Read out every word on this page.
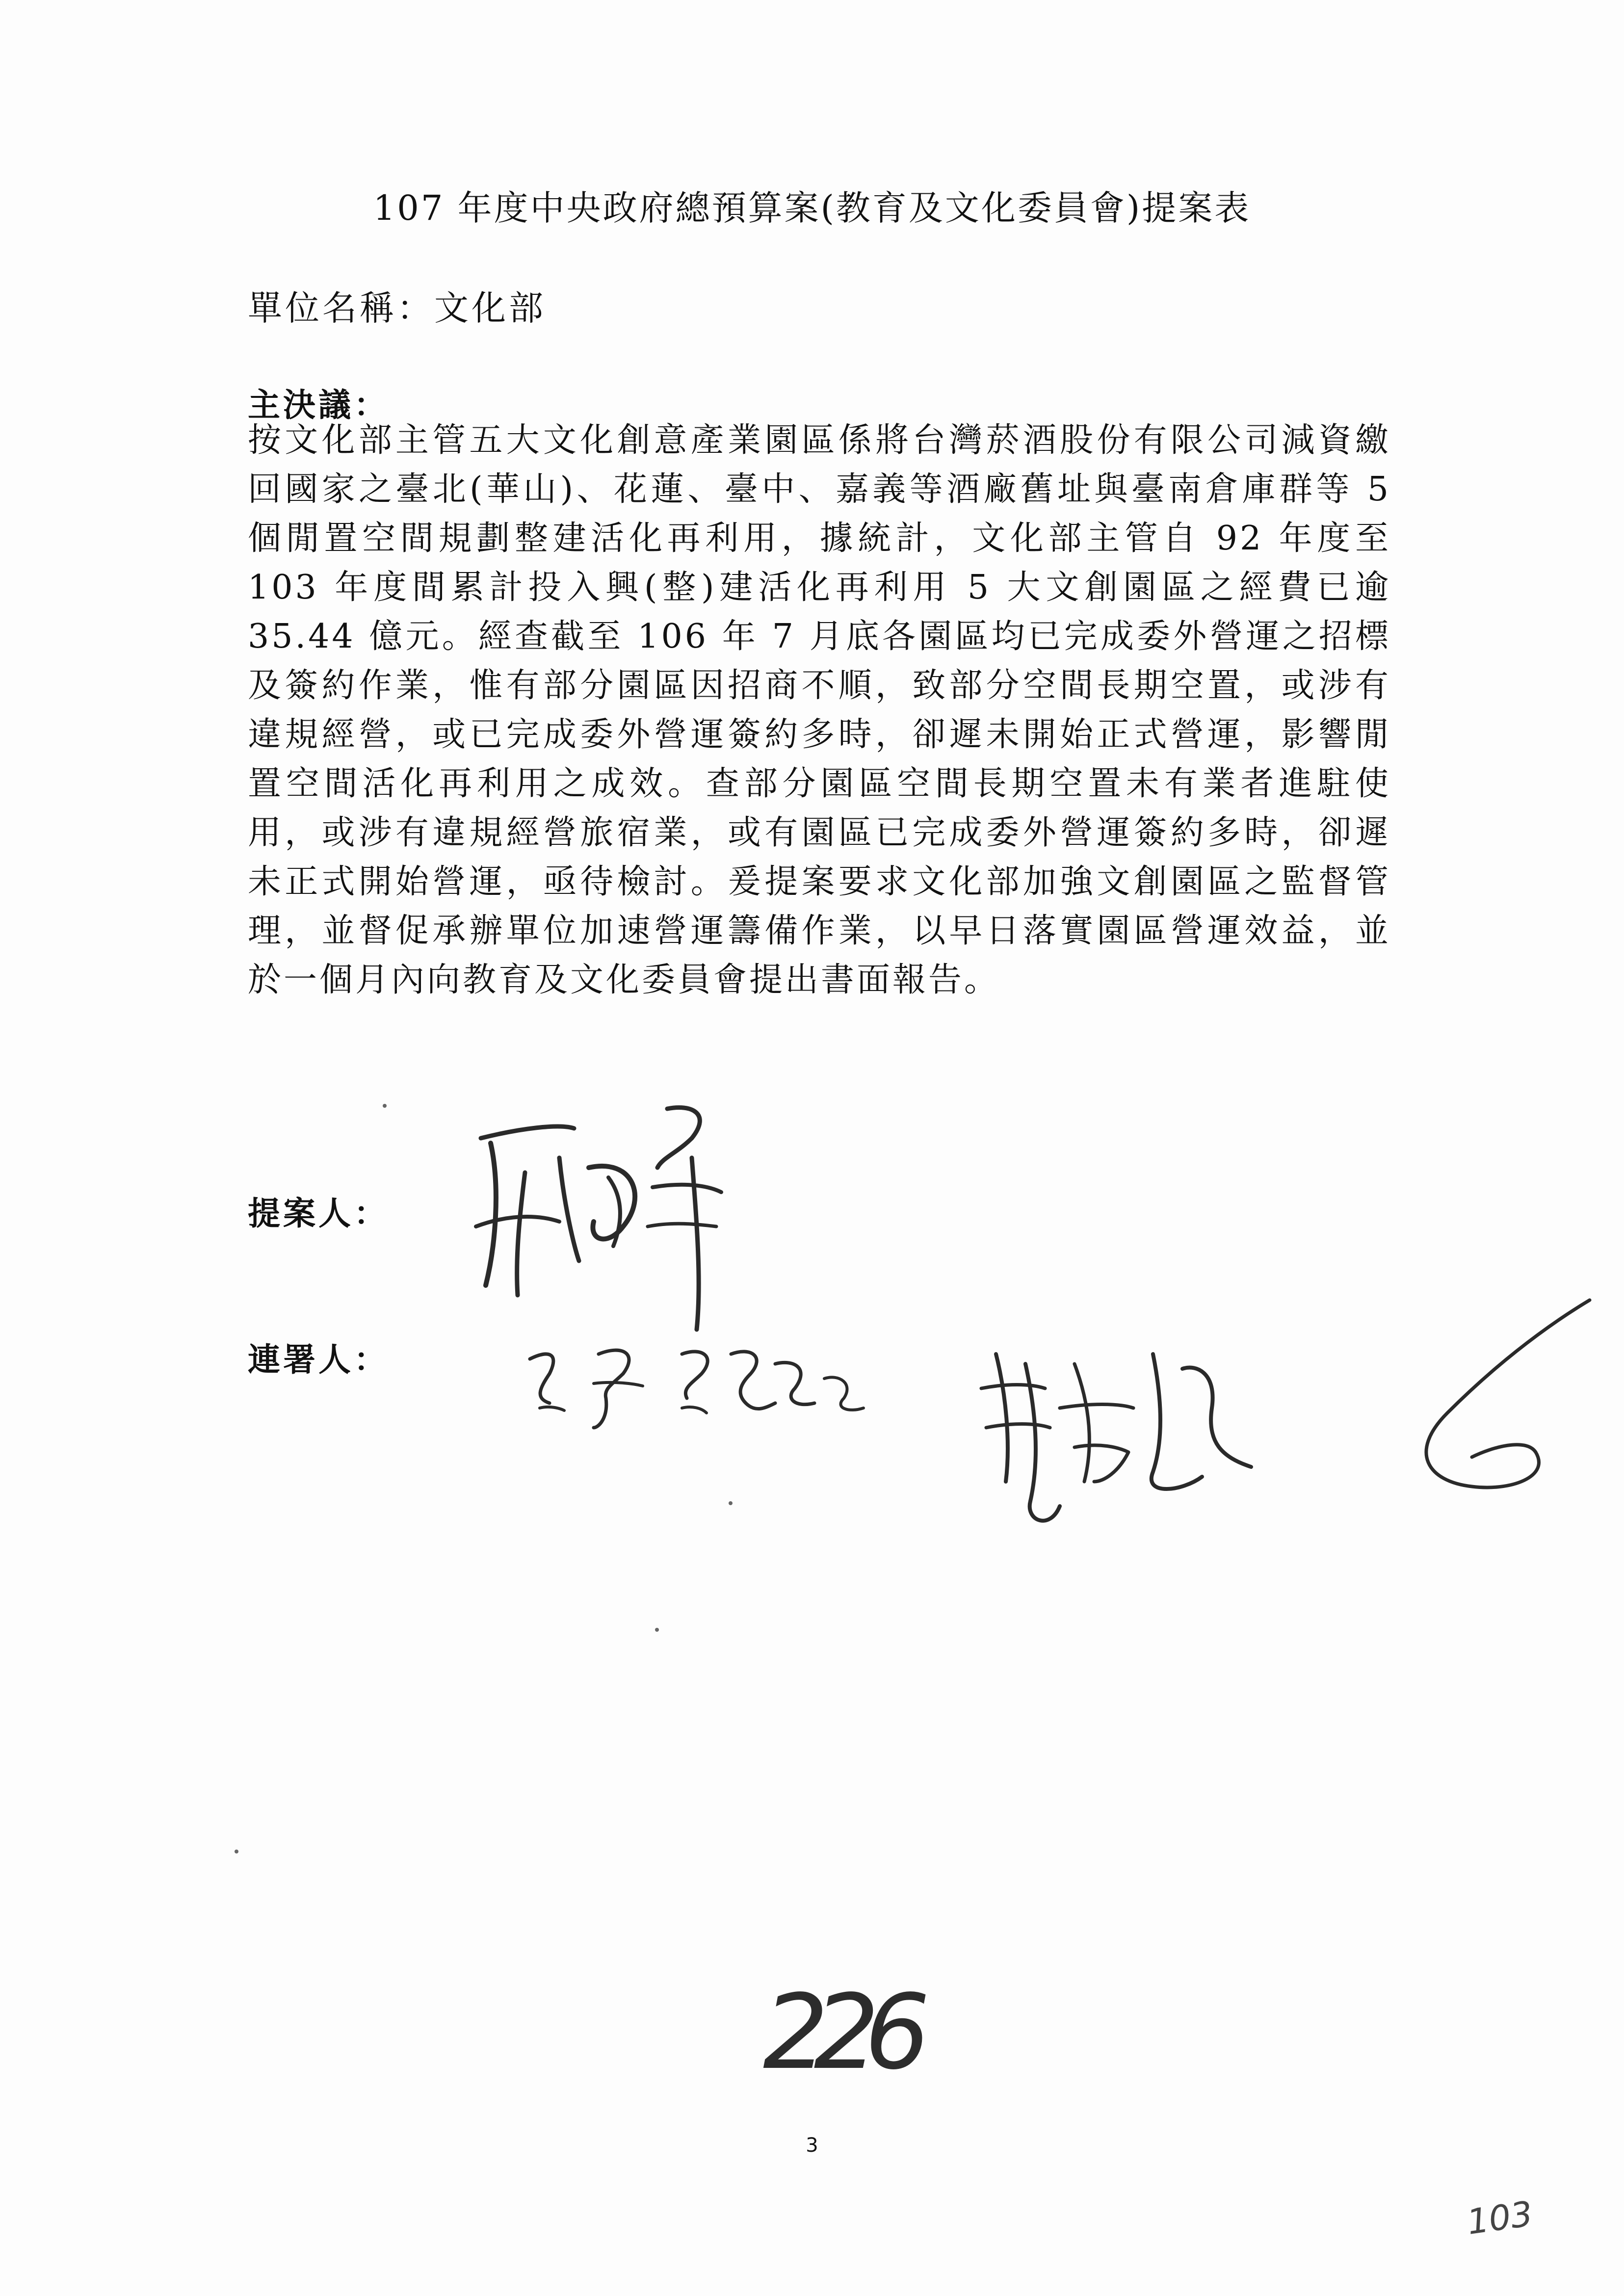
107 年度中央政府總預算案(教育及文化委員會)提案表
單位名稱：文化部
主決議：
按文化部主管五大文化創意產業園區係將台灣菸酒股份有限公司減資繳回國家之臺北(華山)、花蓮、臺中、嘉義等酒廠舊址與臺南倉庫群等 5 個閒置空間規劃整建活化再利用，據統計，文化部主管自 92 年度至 103 年度間累計投入興(整)建活化再利用 5 大文創園區之經費已逾 35.44 億元。經查截至 106 年 7 月底各園區均已完成委外營運之招標及簽約作業，惟有部分園區因招商不順，致部分空間長期空置，或涉有違規經營，或已完成委外營運簽約多時，卻遲未開始正式營運，影響閒置空間活化再利用之成效。查部分園區空間長期空置未有業者進駐使用，或涉有違規經營旅宿業，或有園區已完成委外營運簽約多時，卻遲未正式開始營運，亟待檢討。爰提案要求文化部加強文創園區之監督管理，並督促承辦單位加速營運籌備作業，以早日落實園區營運效益，並於一個月內向教育及文化委員會提出書面報告。
提案人：
連署人：
226
3
103
